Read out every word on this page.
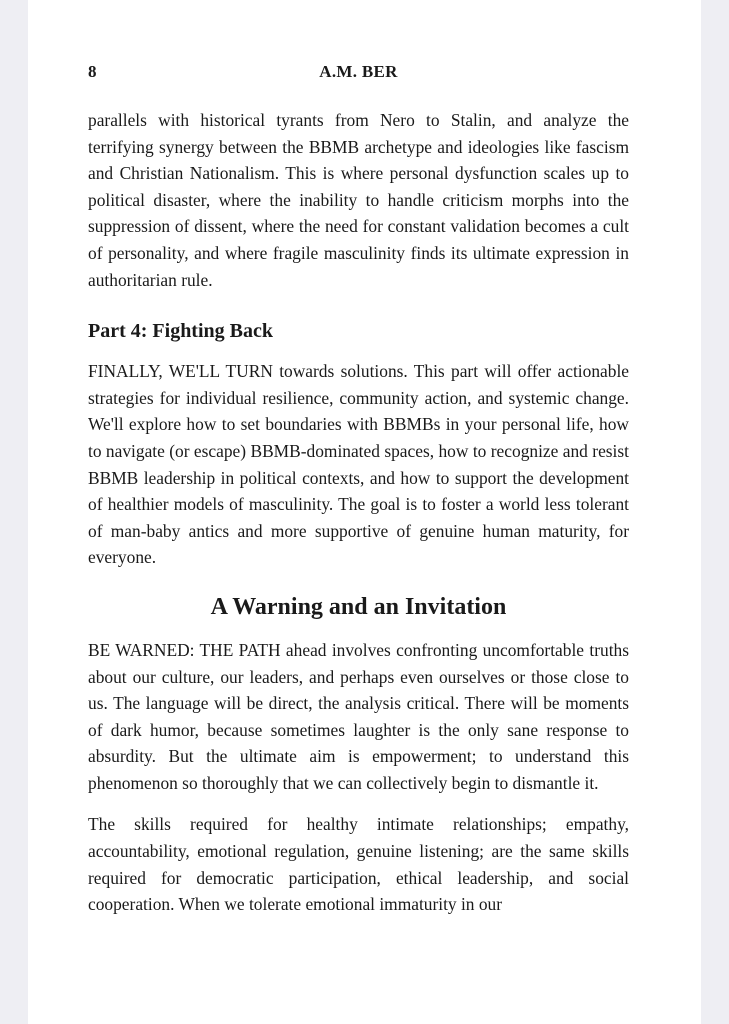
8	A.M. BER

parallels with historical tyrants from Nero to Stalin, and analyze the terrifying synergy between the BBMB archetype and ideologies like fascism and Christian Nationalism. This is where personal dysfunction scales up to political disaster, where the inability to handle criticism morphs into the suppression of dissent, where the need for constant validation becomes a cult of personality, and where fragile masculinity finds its ultimate expression in authoritarian rule.

Part 4: Fighting Back

FINALLY, WE'LL TURN towards solutions. This part will offer actionable strategies for individual resilience, community action, and systemic change. We'll explore how to set boundaries with BBMBs in your personal life, how to navigate (or escape) BBMB-dominated spaces, how to recognize and resist BBMB leadership in political contexts, and how to support the development of healthier models of masculinity. The goal is to foster a world less tolerant of man-baby antics and more supportive of genuine human maturity, for everyone.

A Warning and an Invitation

BE WARNED: THE PATH ahead involves confronting uncomfortable truths about our culture, our leaders, and perhaps even ourselves or those close to us. The language will be direct, the analysis critical. There will be moments of dark humor, because sometimes laughter is the only sane response to absurdity. But the ultimate aim is empowerment; to understand this phenomenon so thoroughly that we can collectively begin to dismantle it.

The skills required for healthy intimate relationships; empathy, accountability, emotional regulation, genuine listening; are the same skills required for democratic participation, ethical leadership, and social cooperation. When we tolerate emotional immaturity in our
